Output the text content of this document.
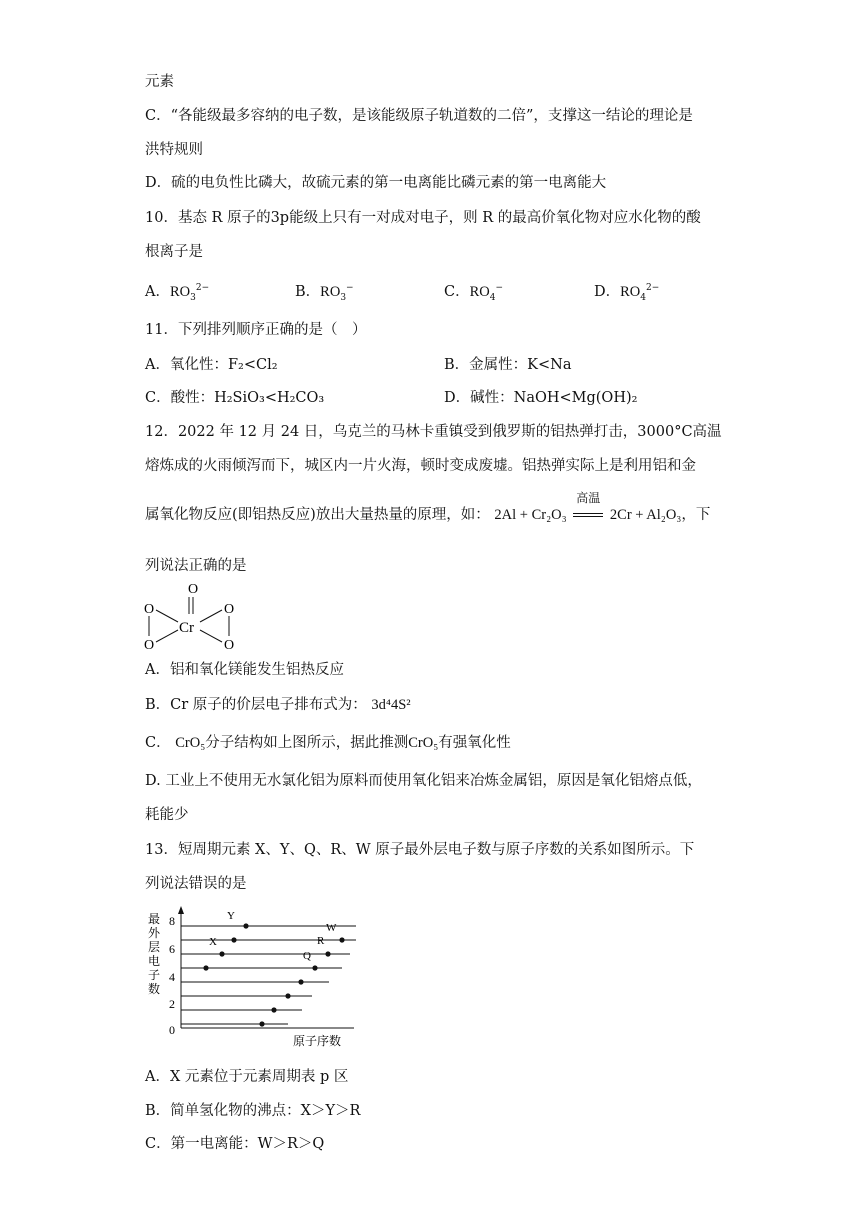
元素
C．“各能级最多容纳的电子数，是该能级原子轨道数的二倍”，支撑这一结论的理论是
洪特规则
D．硫的电负性比磷大，故硫元素的第一电离能比磷元素的第一电离能大
10．基态 R 原子的3p能级上只有一对成对电子，则 R 的最高价氧化物对应水化物的酸
根离子是
A．$RO_3^{2-}$	B．$RO_3^-$	C．$RO_4^-$	D．$RO_4^{2-}$
11．下列排列顺序正确的是（　）
A．氧化性：F₂<Cl₂	B．金属性：K<Na
C．酸性：H₂SiO₃<H₂CO₃	D．碱性：NaOH<Mg(OH)₂
12．2022 年 12 月 24 日，乌克兰的马林卡重镇受到俄罗斯的铝热弹打击，3000°C高温
熔炼成的火雨倾泻而下，城区内一片火海，顿时变成废墟。铝热弹实际上是利用铝和金
属氧化物反应(即铝热反应)放出大量热量的原理，如： 2Al + Cr₂O₃
高温
2Cr + Al₂O₃，下
列说法正确的是
O
O	O
Cr
O	O
A．铝和氧化镁能发生铝热反应
B．Cr 原子的价层电子排布式为： 3d⁴4S²
C． CrO₅分子结构如上图所示，据此推测CrO₅有强氧化性
D. 工业上不使用无水氯化铝为原料而使用氧化铝来冶炼金属铝，原因是氧化铝熔点低，
耗能少
13．短周期元素 X、Y、Q、R、W 原子最外层电子数与原子序数的关系如图所示。下
列说法错误的是
最
外
层
电
子
数
8
6
4
2
0
Y
W
X	R
Q
原子序数
A．X 元素位于元素周期表 p 区
B．简单氢化物的沸点：X＞Y＞R
C．第一电离能：W＞R＞Q
